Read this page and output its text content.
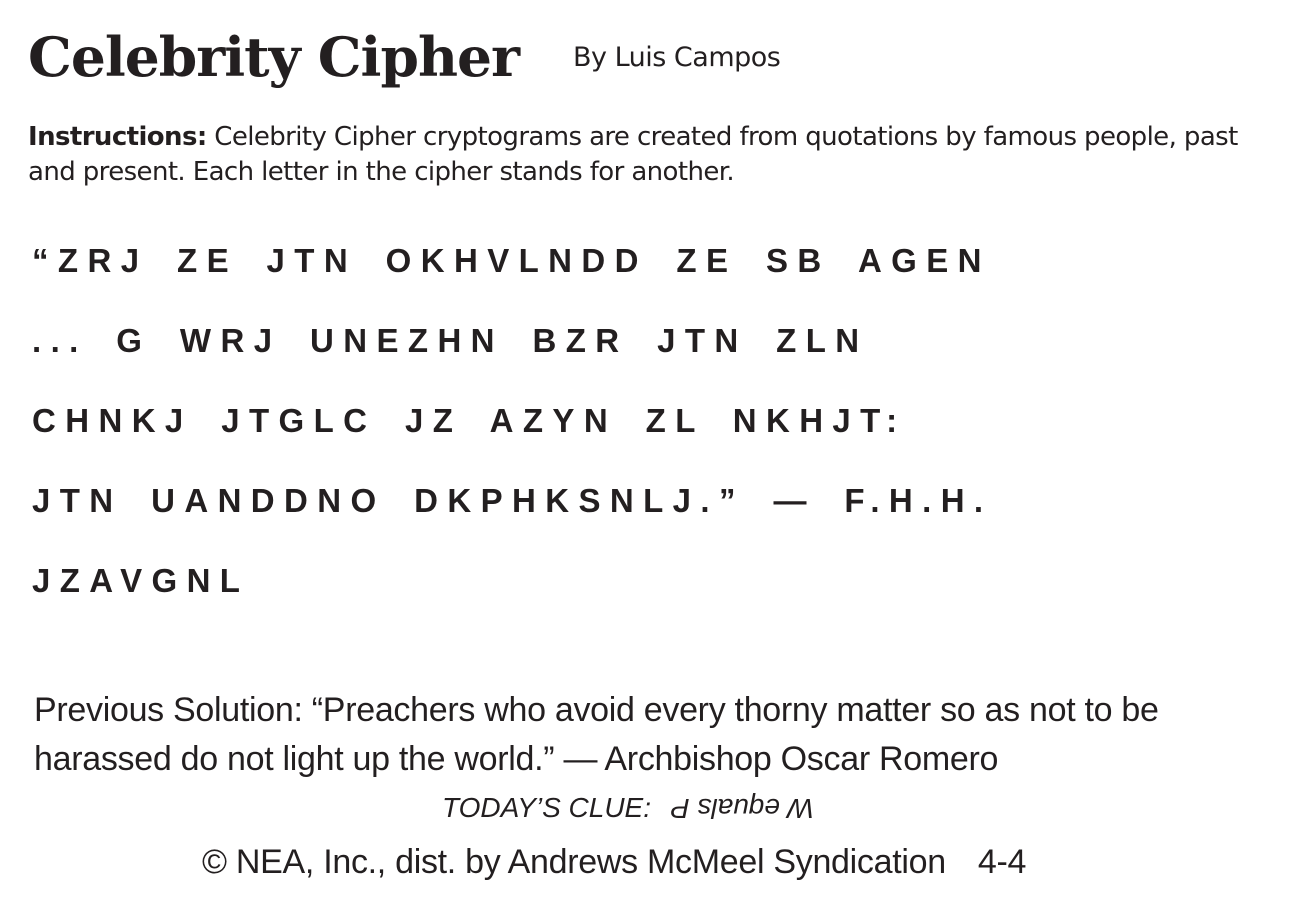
Celebrity Cipher By Luis Campos
Instructions: Celebrity Cipher cryptograms are created from quotations by famous people, past and present. Each letter in the cipher stands for another.
“ZRJ ZE JTN OKHVLNDD ZE SB AGEN
... G WRJ UNEZHN BZR JTN ZLN
CHNKJ JTGLC JZ AZYN ZL NKHJT:
JTN UANDDNO DKPHKSNLJ.” — F.H.H.
JZAVGNL
Previous Solution: “Preachers who avoid every thorny matter so as not to be harassed do not light up the world.” — Archbishop Oscar Romero
TODAY’S CLUE: W equals P
© NEA, Inc., dist. by Andrews McMeel Syndication 4-4
